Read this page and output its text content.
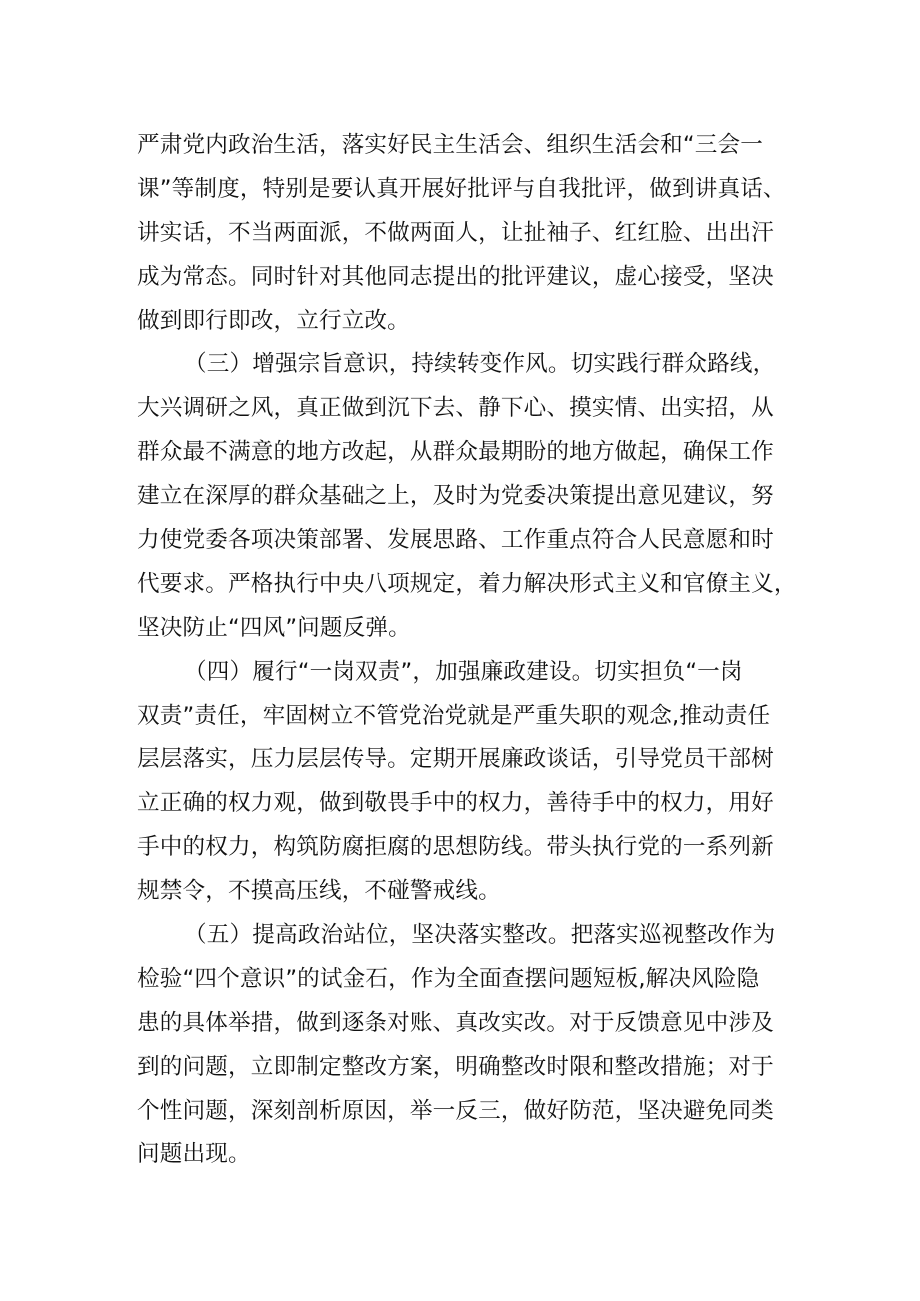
严肃党内政治生活，落实好民主生活会、组织生活会和“三会一
课”等制度，特别是要认真开展好批评与自我批评，做到讲真话、
讲实话，不当两面派，不做两面人，让扯袖子、红红脸、出出汗
成为常态。同时针对其他同志提出的批评建议，虚心接受，坚决
做到即行即改，立行立改。
（三）增强宗旨意识，持续转变作风。切实践行群众路线，
大兴调研之风，真正做到沉下去、静下心、摸实情、出实招，从
群众最不满意的地方改起，从群众最期盼的地方做起，确保工作
建立在深厚的群众基础之上，及时为党委决策提出意见建议，努
力使党委各项决策部署、发展思路、工作重点符合人民意愿和时
代要求。严格执行中央八项规定，着力解决形式主义和官僚主义，
坚决防止“四风”问题反弹。
（四）履行“一岗双责”，加强廉政建设。切实担负“一岗
双责”责任，牢固树立不管党治党就是严重失职的观念,推动责任
层层落实，压力层层传导。定期开展廉政谈话，引导党员干部树
立正确的权力观，做到敬畏手中的权力，善待手中的权力，用好
手中的权力，构筑防腐拒腐的思想防线。带头执行党的一系列新
规禁令，不摸高压线，不碰警戒线。
（五）提高政治站位，坚决落实整改。把落实巡视整改作为
检验“四个意识”的试金石，作为全面查摆问题短板,解决风险隐
患的具体举措，做到逐条对账、真改实改。对于反馈意见中涉及
到的问题，立即制定整改方案，明确整改时限和整改措施；对于
个性问题，深刻剖析原因，举一反三，做好防范，坚决避免同类
问题出现。
